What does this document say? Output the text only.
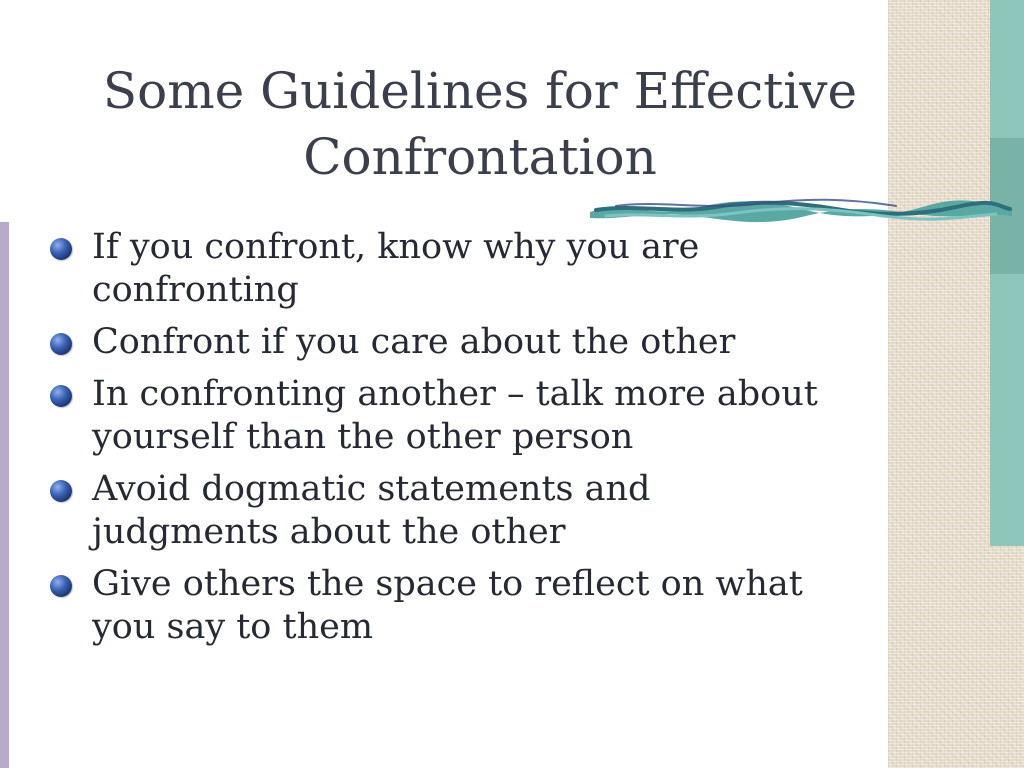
Some Guidelines for Effective
Confrontation
If you confront, know why you are
confronting
Confront if you care about the other
In confronting another – talk more about
yourself than the other person
Avoid dogmatic statements and
judgments about the other
Give others the space to reflect on what
you say to them
